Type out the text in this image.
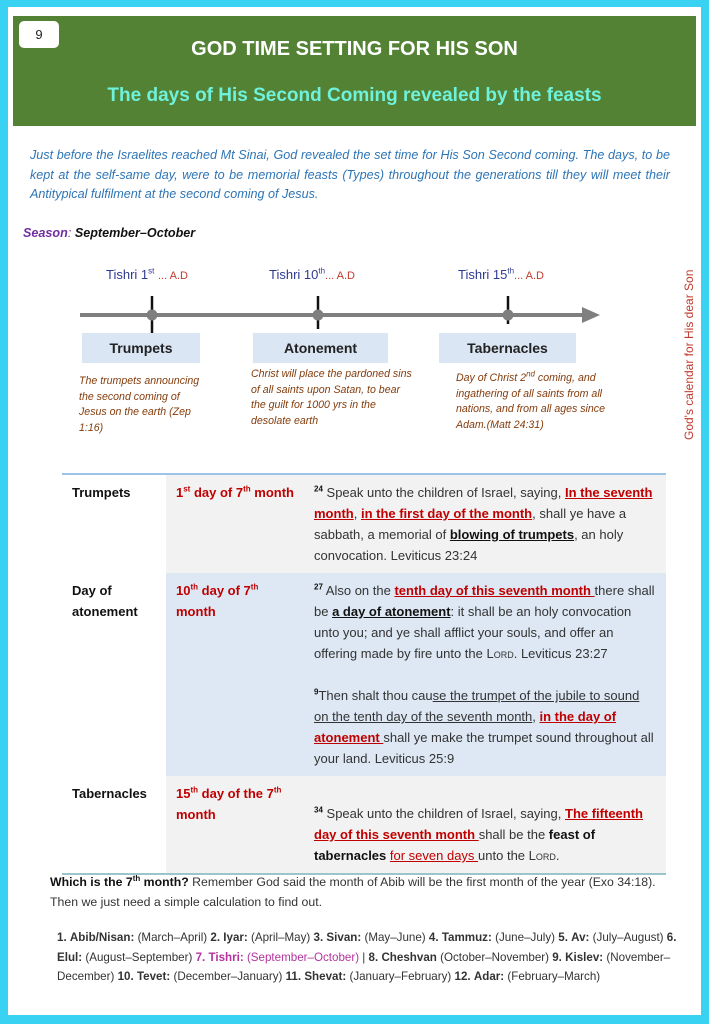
9
GOD TIME SETTING FOR HIS SON
The days of His Second Coming revealed by the feasts
Just before the Israelites reached Mt Sinai, God revealed the set time for His Son Second coming. The days, to be kept at the self-same day, were to be memorial feasts (Types) throughout the generations till they will meet their Antitypical fulfilment at the second coming of Jesus.
Season: September–October
Tishri 1st ... A.D	Tishri 10th... A.D	Tishri 15th... A.D
Trumpets	Atonement	Tabernacles
The trumpets announcing the second coming of Jesus on the earth (Zep 1:16)
Christ will place the pardoned sins of all saints upon Satan, to bear the guilt for 1000 yrs in the desolate earth
Day of Christ 2nd coming, and ingathering of all saints from all nations, and from all ages since Adam.(Matt 24:31)	God's calendar for His dear Son
Trumpets	1st day of 7th month	$^{24}$ Speak unto the children of Israel, saying, In the seventh month, in the first day of the month, shall ye have a sabbath, a memorial of blowing of trumpets, an holy convocation. Leviticus 23:24

Day of atonement	10th day of 7th month	$^{27}$ Also on the tenth day of this seventh month there shall be a day of atonement: it shall be an holy convocation unto you; and ye shall afflict your souls, and offer an offering made by fire unto the Lord. Leviticus 23:27
$^9$Then shalt thou cause the trumpet of the jubile to sound on the tenth day of the seventh month, in the day of atonement shall ye make the trumpet sound throughout all your land. Leviticus 25:9

Tabernacles	15th day of the 7th month	$^{34}$ Speak unto the children of Israel, saying, The fifteenth day of this seventh month shall be the feast of tabernacles for seven days unto the Lord.
Which is the 7th month? Remember God said the month of Abib will be the first month of the year (Exo 34:18). Then we just need a simple calculation to find out.
1. Abib/Nisan: (March–April) 2. Iyar: (April–May) 3. Sivan: (May–June) 4. Tammuz: (June–July) 5. Av: (July–August) 6. Elul: (August–September) 7. Tishri: (September–October) | 8. Cheshvan (October–November) 9. Kislev: (November–December) 10. Tevet: (December–January) 11. Shevat: (January–February) 12. Adar: (February–March)
